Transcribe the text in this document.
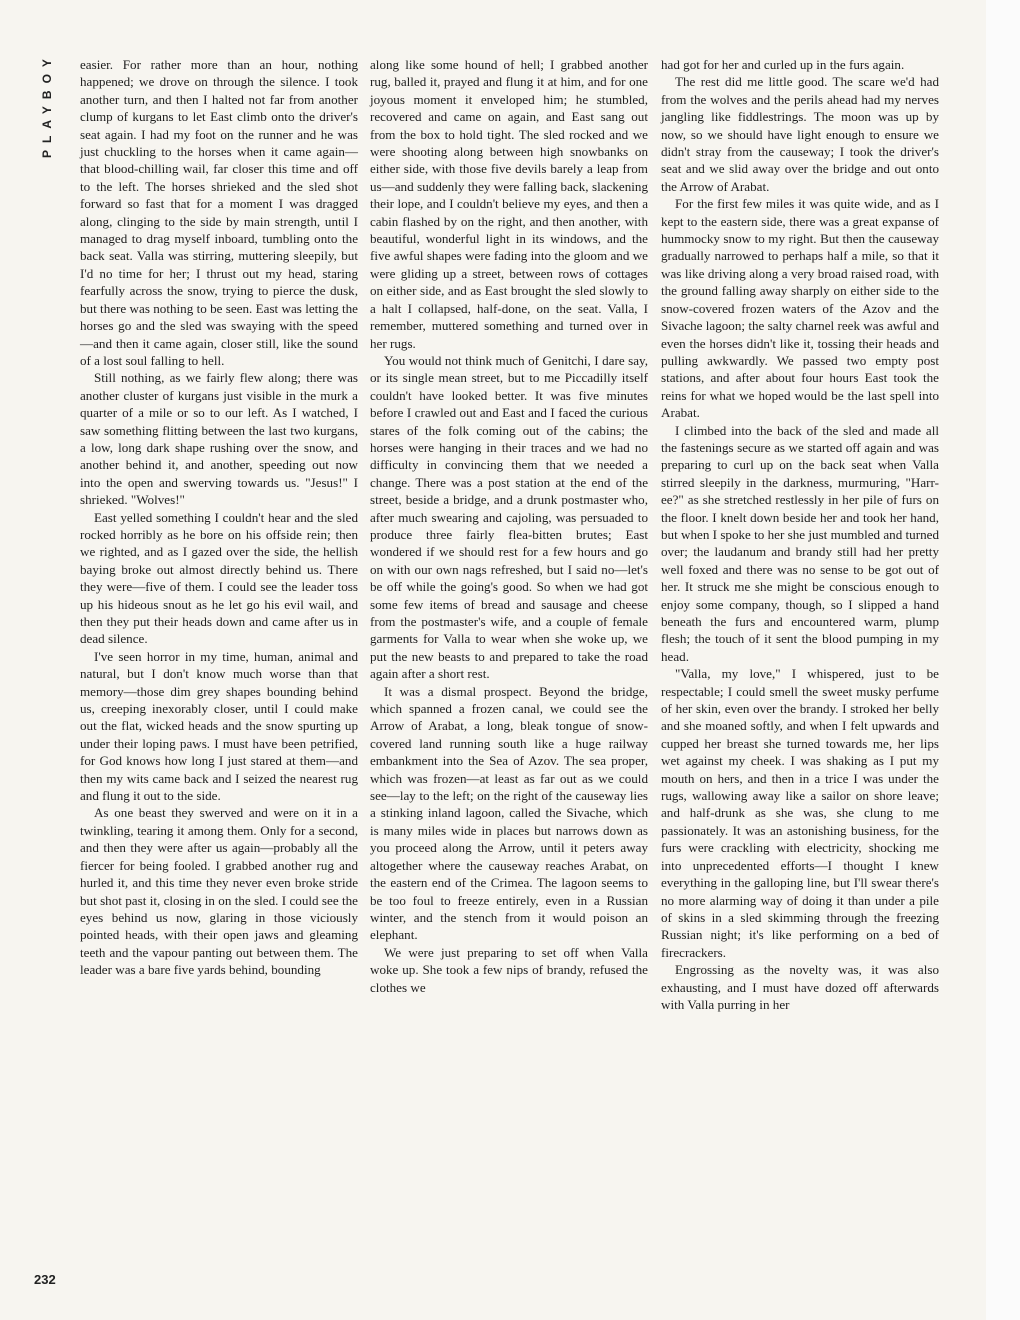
PLAYBOY	easier. For rather more than an hour, nothing happened; we drove on through the silence. I took another turn, and then I halted not far from another clump of kurgans to let East climb onto the driver's seat again. I had my foot on the runner and he was just chuckling to the horses when it came again—that blood-chilling wail, far closer this time and off to the left. The horses shrieked and the sled shot forward so fast that for a moment I was dragged along, clinging to the side by main strength, until I managed to drag myself inboard, tumbling onto the back seat. Valla was stirring, muttering sleepily, but I'd no time for her; I thrust out my head, staring fearfully across the snow, trying to pierce the dusk, but there was nothing to be seen. East was letting the horses go and the sled was swaying with the speed —and then it came again, closer still, like the sound of a lost soul falling to hell.

Still nothing, as we fairly flew along; there was another cluster of kurgans just visible in the murk a quarter of a mile or so to our left. As I watched, I saw something flitting between the last two kurgans, a low, long dark shape rushing over the snow, and another behind it, and another, speeding out now into the open and swerving towards us. "Jesus!" I shrieked. "Wolves!"

East yelled something I couldn't hear and the sled rocked horribly as he bore on his offside rein; then we righted, and as I gazed over the side, the hellish baying broke out almost directly behind us. There they were—five of them. I could see the leader toss up his hideous snout as he let go his evil wail, and then they put their heads down and came after us in dead silence.

I've seen horror in my time, human, animal and natural, but I don't know much worse than that memory—those dim grey shapes bounding behind us, creeping inexorably closer, until I could make out the flat, wicked heads and the snow spurting up under their loping paws. I must have been petrified, for God knows how long I just stared at them—and then my wits came back and I seized the nearest rug and flung it out to the side.

As one beast they swerved and were on it in a twinkling, tearing it among them. Only for a second, and then they were after us again—probably all the fiercer for being fooled. I grabbed another rug and hurled it, and this time they never even broke stride but shot past it, closing in on the sled. I could see the eyes behind us now, glaring in those viciously pointed heads, with their open jaws and gleaming teeth and the vapour panting out between them. The leader was a bare five yards behind, bounding

along like some hound of hell; I grabbed another rug, balled it, prayed and flung it at him, and for one joyous moment it enveloped him; he stumbled, recovered and came on again, and East sang out from the box to hold tight. The sled rocked and we were shooting along between high snowbanks on either side, with those five devils barely a leap from us—and suddenly they were falling back, slackening their lope, and I couldn't believe my eyes, and then a cabin flashed by on the right, and then another, with beautiful, wonderful light in its windows, and the five awful shapes were fading into the gloom and we were gliding up a street, between rows of cottages on either side, and as East brought the sled slowly to a halt I collapsed, half-done, on the seat. Valla, I remember, muttered something and turned over in her rugs.

You would not think much of Genitchi, I dare say, or its single mean street, but to me Piccadilly itself couldn't have looked better. It was five minutes before I crawled out and East and I faced the curious stares of the folk coming out of the cabins; the horses were hanging in their traces and we had no difficulty in convincing them that we needed a change. There was a post station at the end of the street, beside a bridge, and a drunk postmaster who, after much swearing and cajoling, was persuaded to produce three fairly flea-bitten brutes; East wondered if we should rest for a few hours and go on with our own nags refreshed, but I said no—let's be off while the going's good. So when we had got some few items of bread and sausage and cheese from the postmaster's wife, and a couple of female garments for Valla to wear when she woke up, we put the new beasts to and prepared to take the road again after a short rest.

It was a dismal prospect. Beyond the bridge, which spanned a frozen canal, we could see the Arrow of Arabat, a long, bleak tongue of snow-covered land running south like a huge railway embankment into the Sea of Azov. The sea proper, which was frozen—at least as far out as we could see—lay to the left; on the right of the causeway lies a stinking inland lagoon, called the Sivache, which is many miles wide in places but narrows down as you proceed along the Arrow, until it peters away altogether where the causeway reaches Arabat, on the eastern end of the Crimea. The lagoon seems to be too foul to freeze entirely, even in a Russian winter, and the stench from it would poison an elephant.

We were just preparing to set off when Valla woke up. She took a few nips of brandy, refused the clothes we

had got for her and curled up in the furs again.

The rest did me little good. The scare we'd had from the wolves and the perils ahead had my nerves jangling like fiddlestrings. The moon was up by now, so we should have light enough to ensure we didn't stray from the causeway; I took the driver's seat and we slid away over the bridge and out onto the Arrow of Arabat.

For the first few miles it was quite wide, and as I kept to the eastern side, there was a great expanse of hummocky snow to my right. But then the causeway gradually narrowed to perhaps half a mile, so that it was like driving along a very broad raised road, with the ground falling away sharply on either side to the snow-covered frozen waters of the Azov and the Sivache lagoon; the salty charnel reek was awful and even the horses didn't like it, tossing their heads and pulling awkwardly. We passed two empty post stations, and after about four hours East took the reins for what we hoped would be the last spell into Arabat.

I climbed into the back of the sled and made all the fastenings secure as we started off again and was preparing to curl up on the back seat when Valla stirred sleepily in the darkness, murmuring, "Harr-ee?" as she stretched restlessly in her pile of furs on the floor. I knelt down beside her and took her hand, but when I spoke to her she just mumbled and turned over; the laudanum and brandy still had her pretty well foxed and there was no sense to be got out of her. It struck me she might be conscious enough to enjoy some company, though, so I slipped a hand beneath the furs and encountered warm, plump flesh; the touch of it sent the blood pumping in my head.

"Valla, my love," I whispered, just to be respectable; I could smell the sweet musky perfume of her skin, even over the brandy. I stroked her belly and she moaned softly, and when I felt upwards and cupped her breast she turned towards me, her lips wet against my cheek. I was shaking as I put my mouth on hers, and then in a trice I was under the rugs, wallowing away like a sailor on shore leave; and half-drunk as she was, she clung to me passionately. It was an astonishing business, for the furs were crackling with electricity, shocking me into unprecedented efforts—I thought I knew everything in the galloping line, but I'll swear there's no more alarming way of doing it than under a pile of skins in a sled skimming through the freezing Russian night; it's like performing on a bed of firecrackers.

Engrossing as the novelty was, it was also exhausting, and I must have dozed off afterwards with Valla purring in her

232
